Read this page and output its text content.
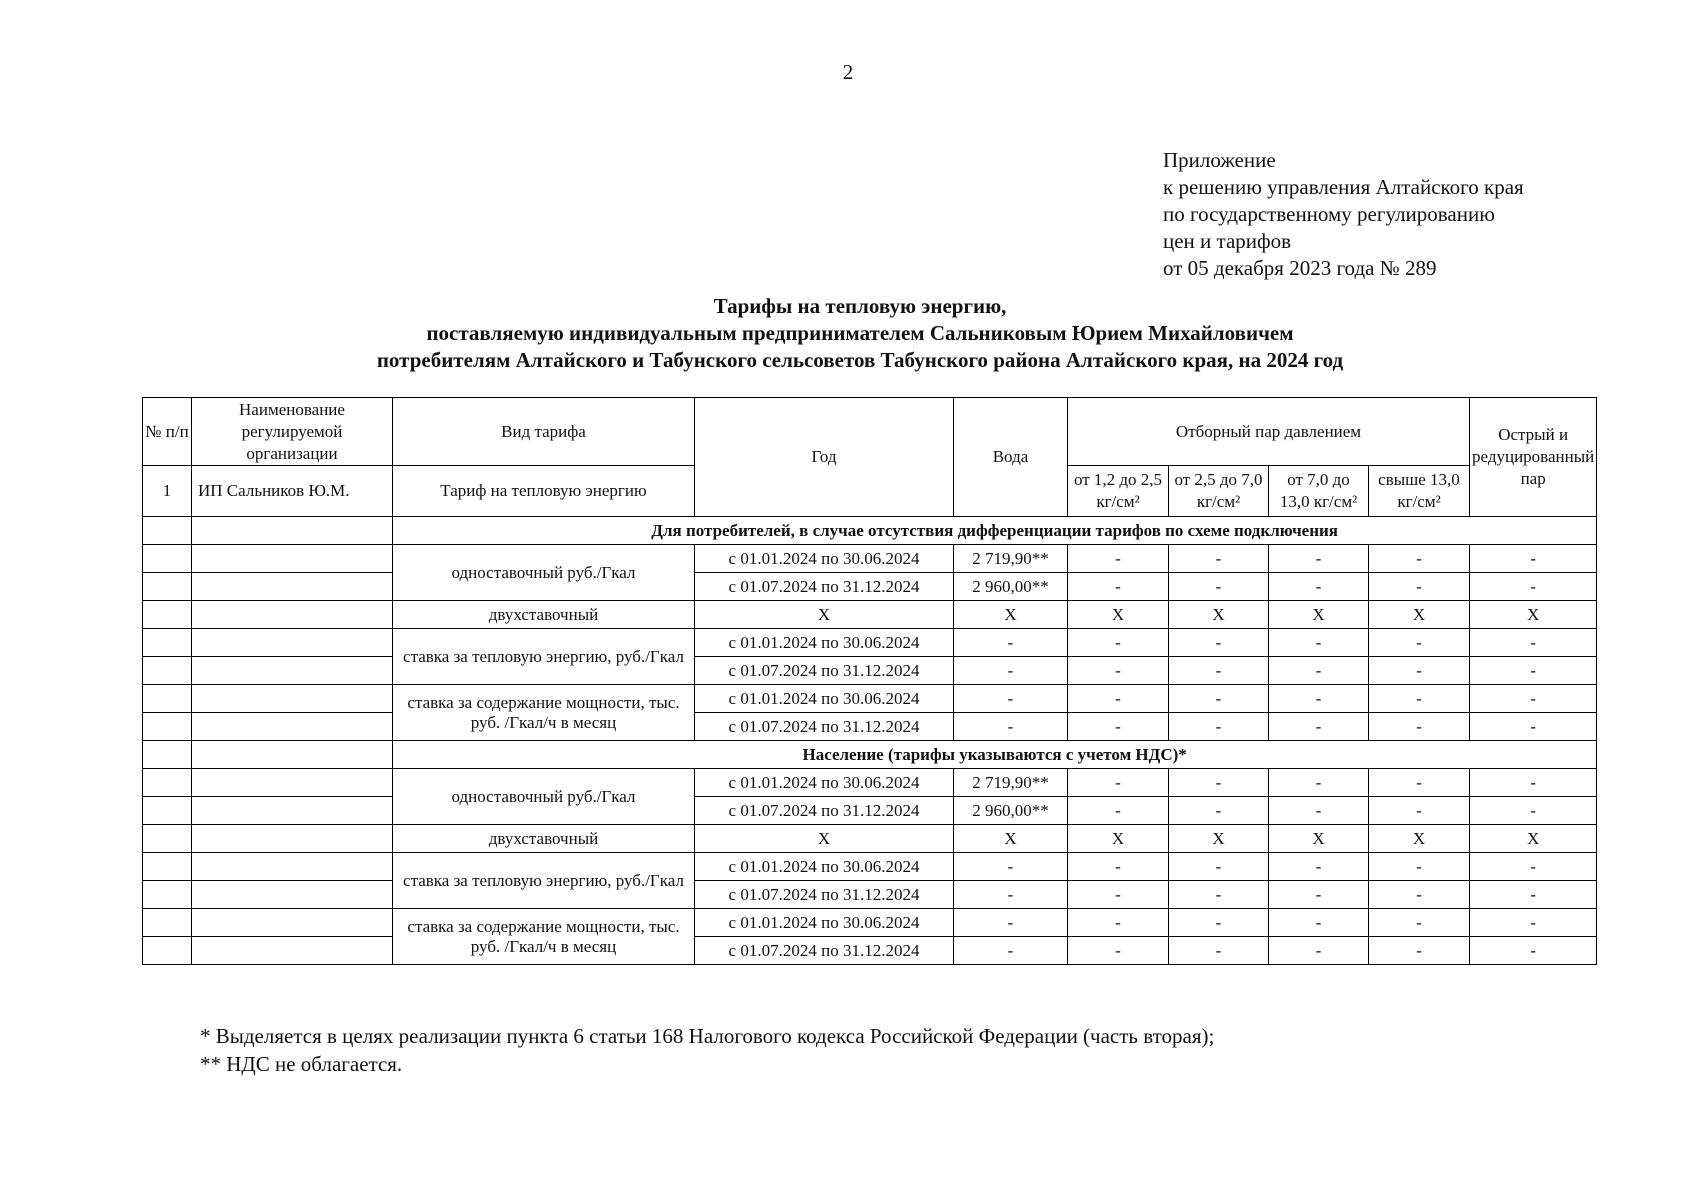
2
Приложение
к решению управления Алтайского края
по государственному регулированию
цен и тарифов
от 05 декабря 2023 года № 289
Тарифы на тепловую энергию,
поставляемую индивидуальным предпринимателем Сальниковым Юрием Михайловичем
потребителям Алтайского и Табунского сельсоветов Табунского района Алтайского края, на 2024 год
№ п/п	Наименование регулируемой организации	Вид тарифа	Год	Вода	Отборный пар давлением				Острый и редуцированный пар
1	ИП Сальников Ю.М.	Тариф на тепловую энергию			от 1,2 до 2,5 кг/см²	от 2,5 до 7,0 кг/см²	от 7,0 до 13,0 кг/см²	свыше 13,0 кг/см²	
		Для потребителей, в случае отсутствия дифференциации тарифов по схеме подключения							
		одноставочный руб./Гкал	с 01.01.2024 по 30.06.2024	2 719,90**	-	-	-	-	-
			с 01.07.2024 по 31.12.2024	2 960,00**	-	-	-	-	-
		двухставочный	X	X	X	X	X	X	X
		ставка за тепловую энергию, руб./Гкал	с 01.01.2024 по 30.06.2024	-	-	-	-	-	-
			с 01.07.2024 по 31.12.2024	-	-	-	-	-	-
		ставка за содержание мощности, тыс. руб. /Гкал/ч в месяц	с 01.01.2024 по 30.06.2024	-	-	-	-	-	-
			с 01.07.2024 по 31.12.2024	-	-	-	-	-	-
		Население (тарифы указываются с учетом НДС)*							
		одноставочный руб./Гкал	с 01.01.2024 по 30.06.2024	2 719,90**	-	-	-	-	-
			с 01.07.2024 по 31.12.2024	2 960,00**	-	-	-	-	-
		двухставочный	X	X	X	X	X	X	X
		ставка за тепловую энергию, руб./Гкал	с 01.01.2024 по 30.06.2024	-	-	-	-	-	-
			с 01.07.2024 по 31.12.2024	-	-	-	-	-	-
		ставка за содержание мощности, тыс. руб. /Гкал/ч в месяц	с 01.01.2024 по 30.06.2024	-	-	-	-	-	-
			с 01.07.2024 по 31.12.2024	-	-	-	-	-	-
* Выделяется в целях реализации пункта 6 статьи 168 Налогового кодекса Российской Федерации (часть вторая);
** НДС не облагается.
